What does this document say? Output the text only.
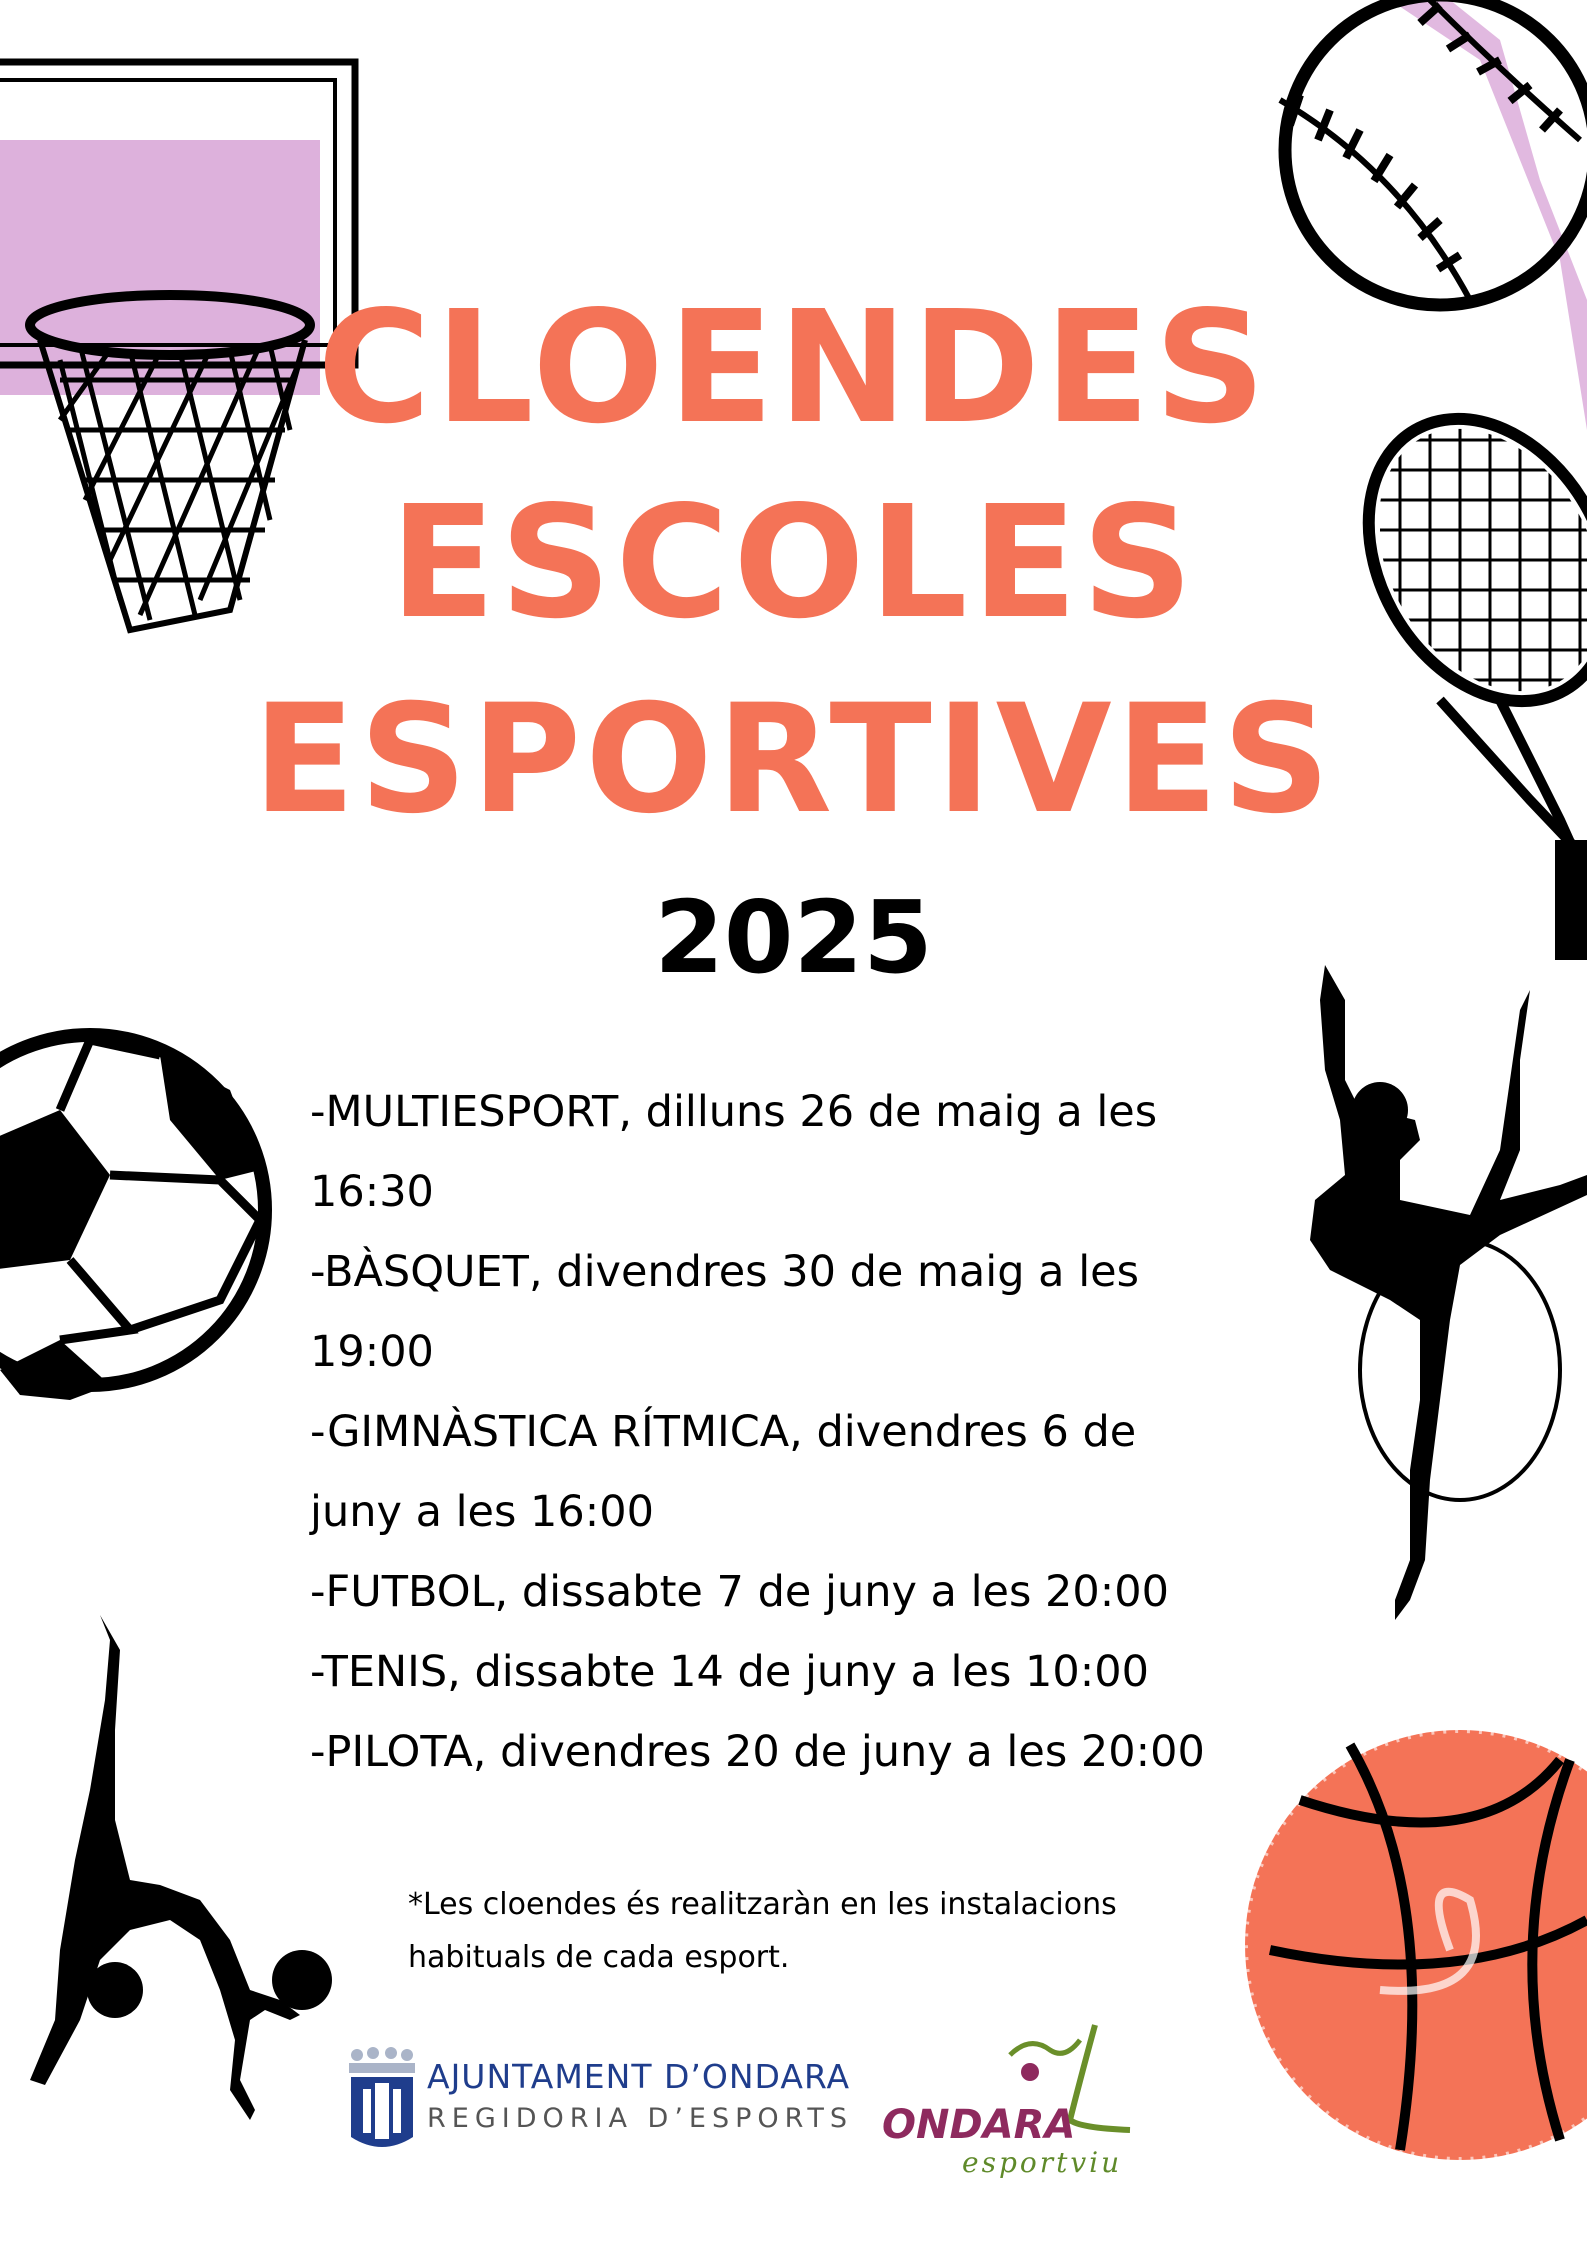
CLOENDES
ESCOLES
ESPORTIVES
2025
-MULTIESPORT, dilluns 26 de maig a les
16:30
-BÀSQUET, divendres 30 de maig a les
19:00
-GIMNÀSTICA RÍTMICA, divendres 6 de
juny a les 16:00
-FUTBOL, dissabte 7 de juny a les 20:00
-TENIS, dissabte 14 de juny a les 10:00
-PILOTA, divendres 20 de juny a les 20:00
*Les cloendes és realitzaràn en les instalacions
habituals de cada esport.
AJUNTAMENT D’ONDARA
REGIDORIA D’ESPORTS ONDARA
esportviu
